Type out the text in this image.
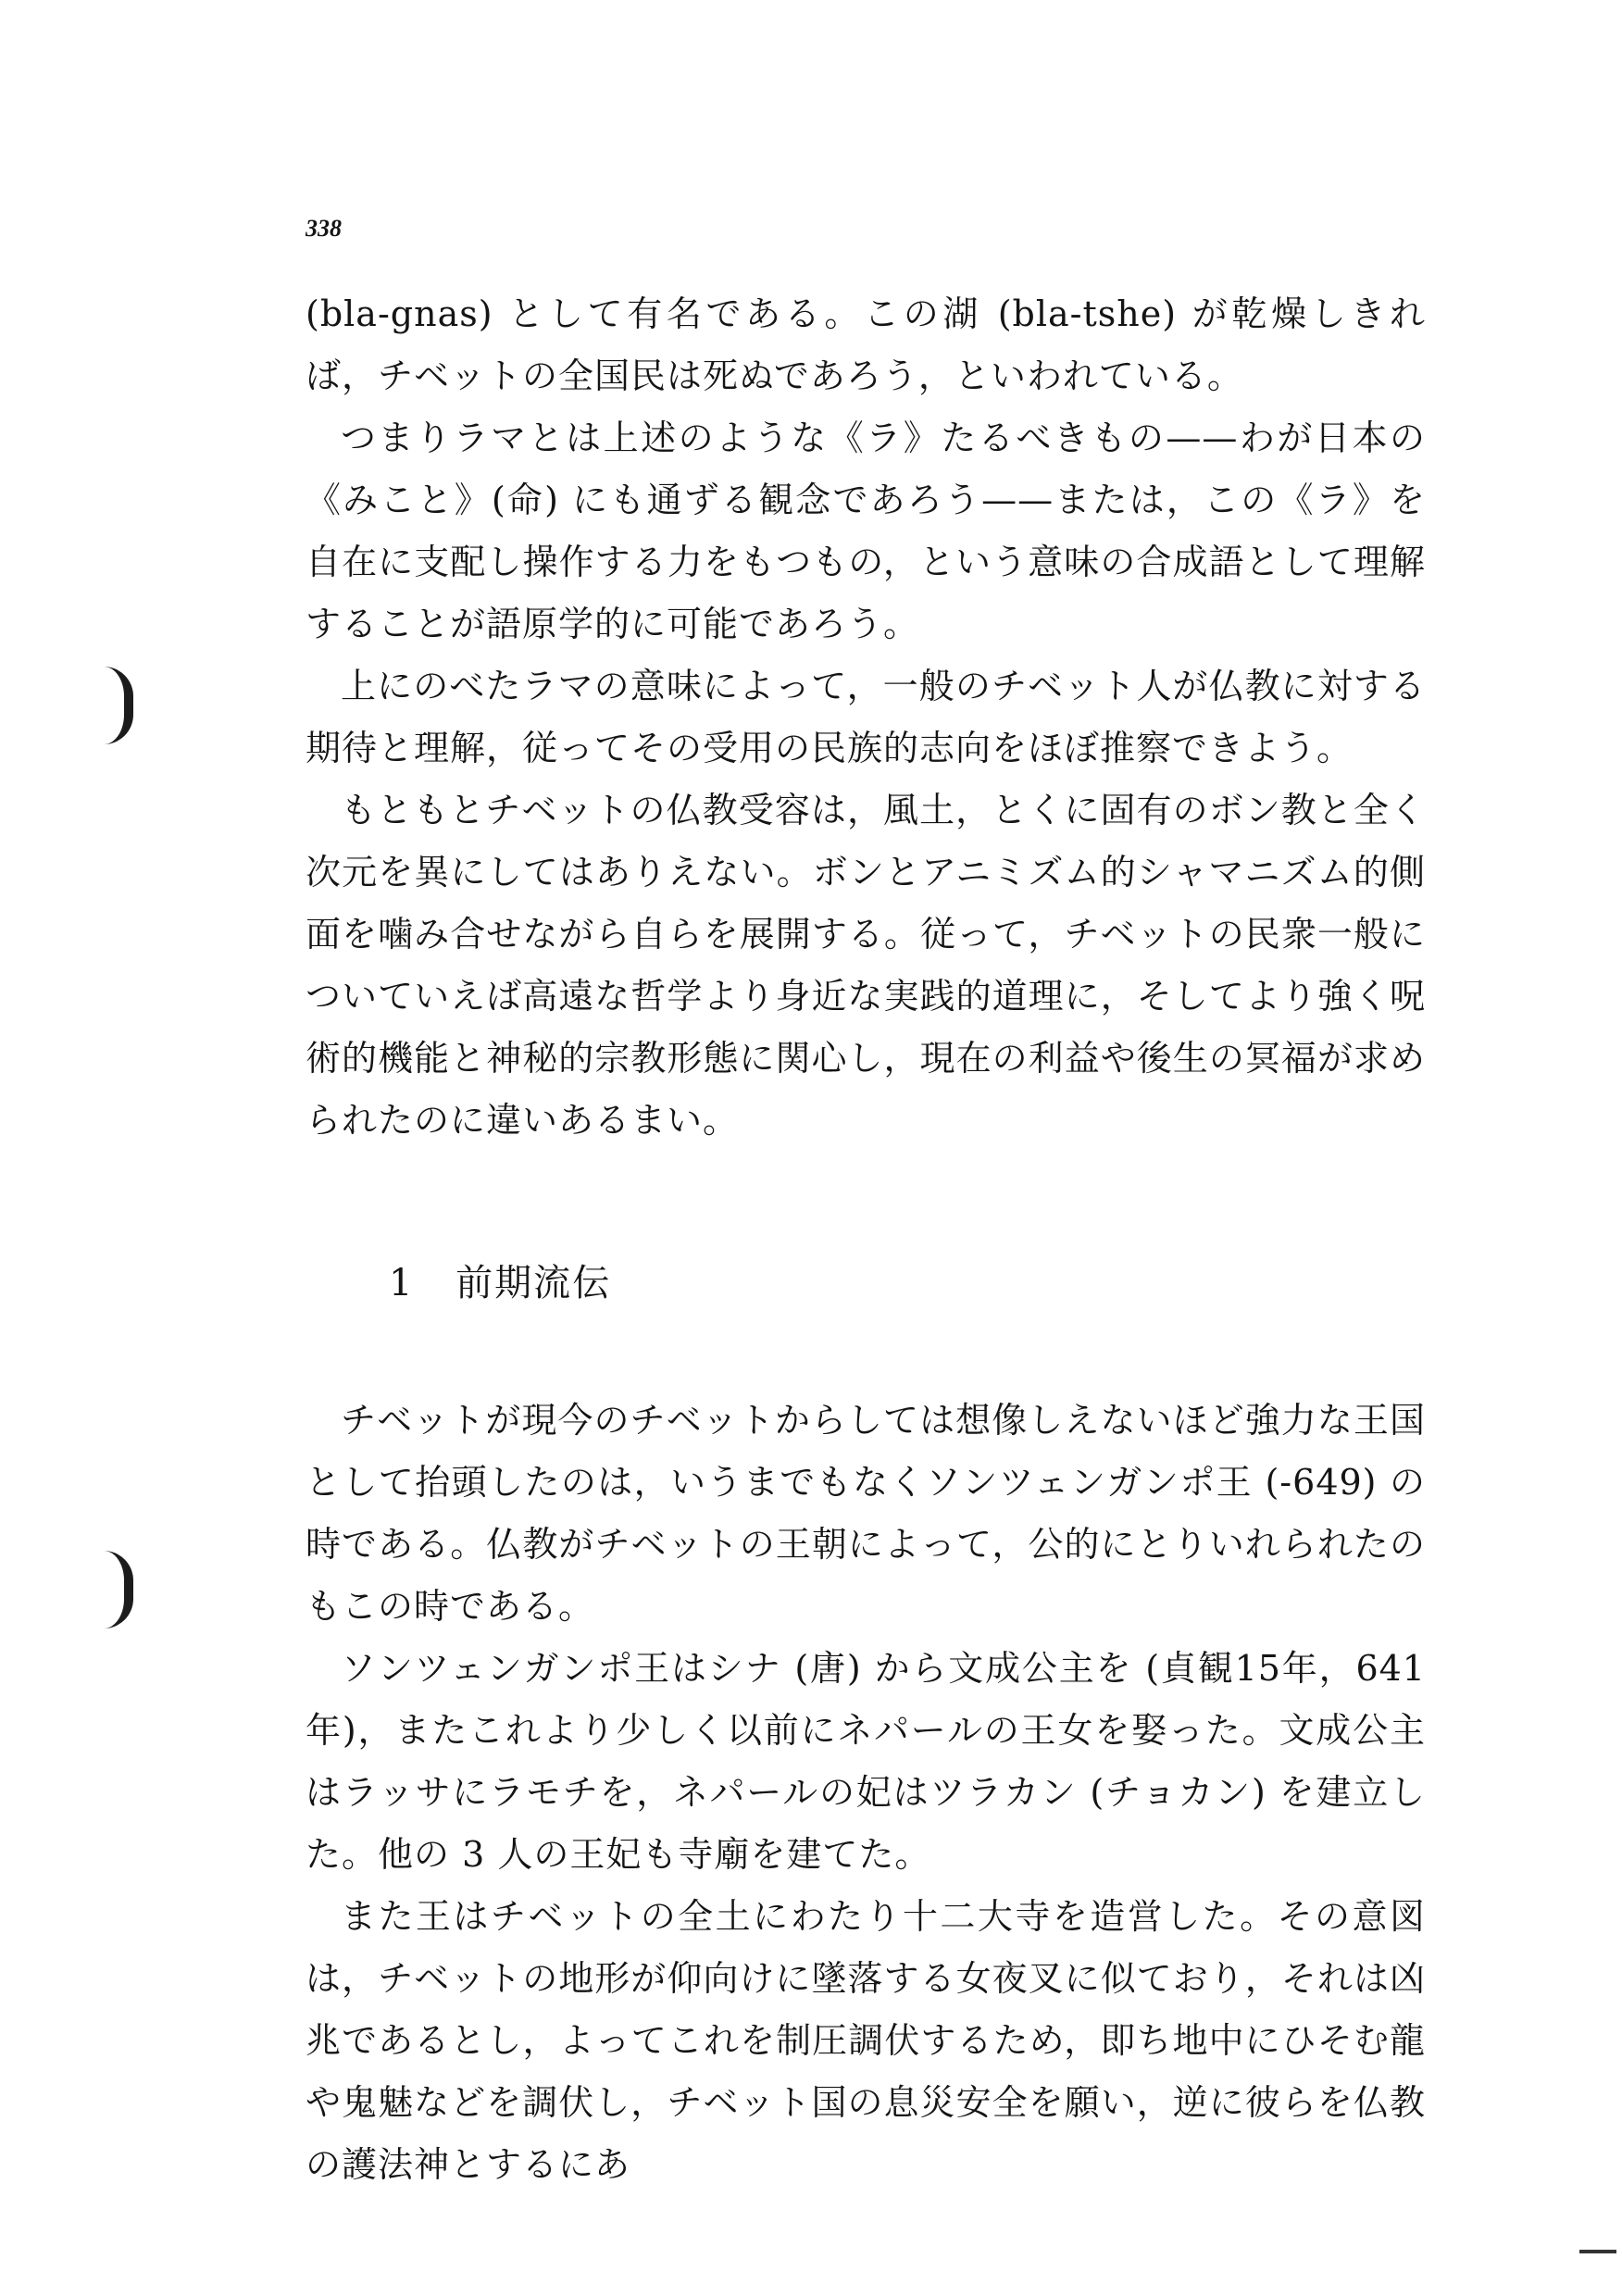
338

(bla-gnas) として有名である。この湖 (bla-tshe) が乾燥しきれば，チベットの全国民は死ぬであろう，といわれている。

つまりラマとは上述のような《ラ》たるべきもの——わが日本の《みこと》(命) にも通ずる観念であろう——または，この《ラ》を自在に支配し操作する力をもつもの，という意味の合成語として理解することが語原学的に可能であろう。

上にのべたラマの意味によって，一般のチベット人が仏教に対する期待と理解，従ってその受用の民族的志向をほぼ推察できよう。

もともとチベットの仏教受容は，風土，とくに固有のボン教と全く次元を異にしてはありえない。ボンとアニミズム的シャマニズム的側面を噛み合せながら自らを展開する。従って，チベットの民衆一般についていえば高遠な哲学より身近な実践的道理に，そしてより強く呪術的機能と神秘的宗教形態に関心し，現在の利益や後生の冥福が求められたのに違いあるまい。

1 前期流伝

チベットが現今のチベットからしては想像しえないほど強力な王国として抬頭したのは，いうまでもなくソンツェンガンポ王 (-649) の時である。仏教がチベットの王朝によって，公的にとりいれられたのもこの時である。

ソンツェンガンポ王はシナ (唐) から文成公主を (貞観15年，641年)，またこれより少しく以前にネパールの王女を娶った。文成公主はラッサにラモチを，ネパールの妃はツラカン (チョカン) を建立した。他の 3 人の王妃も寺廟を建てた。

また王はチベットの全土にわたり十二大寺を造営した。その意図は，チベットの地形が仰向けに墜落する女夜叉に似ており，それは凶兆であるとし，よってこれを制圧調伏するため，即ち地中にひそむ龍や鬼魅などを調伏し，チベット国の息災安全を願い，逆に彼らを仏教の護法神とするにあ
